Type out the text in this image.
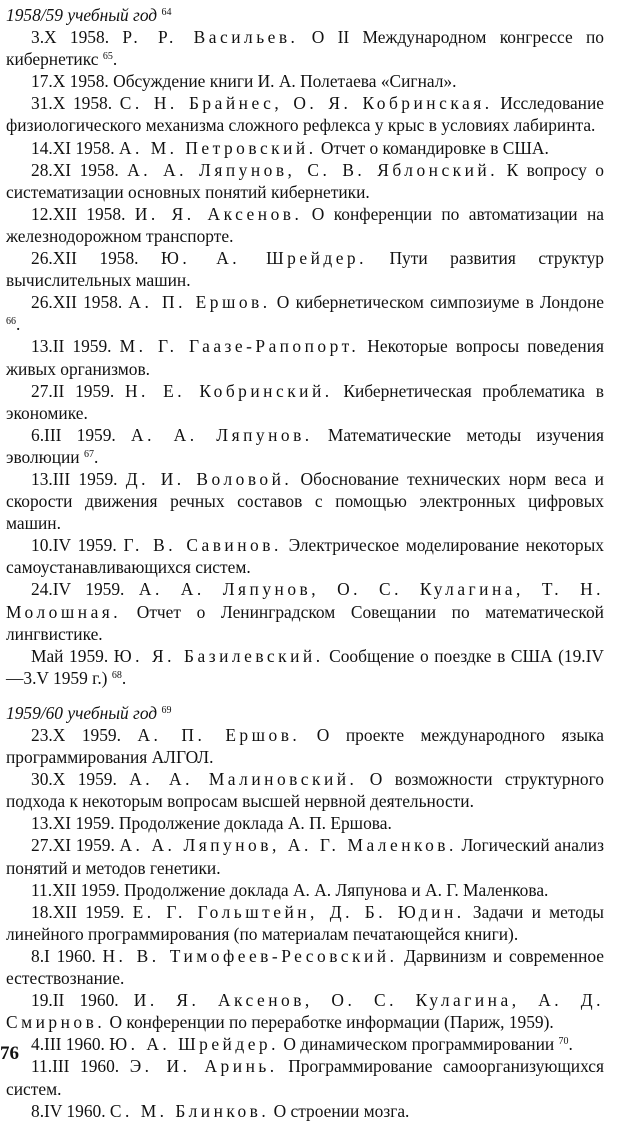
1958/59 учебный год $^{64}$
3.X 1958. Р. Р. Васильев. О II Международном конгрессе по кибернетикс $^{65}$.
17.X 1958. Обсуждение книги И. А. Полетаева «Сигнал».
31.X 1958. С. Н. Брайнес, О. Я. Кобринская. Исследование физиологического механизма сложного рефлекса у крыс в условиях лабиринта.
14.XI 1958. А. М. Петровский. Отчет о командировке в США.
28.XI 1958. А. А. Ляпунов, С. В. Яблонский. К вопросу о систематизации основных понятий кибернетики.
12.XII 1958. И. Я. Аксенов. О конференции по автоматизации на железнодорожном транспорте.
26.XII 1958. Ю. А. Шрейдер. Пути развития структур вычислительных машин.
26.XII 1958. А. П. Ершов. О кибернетическом симпозиуме в Лондоне $^{66}$.
13.II 1959. М. Г. Гаазе-Рапопорт. Некоторые вопросы поведения живых организмов.
27.II 1959. Н. Е. Кобринский. Кибернетическая проблематика в экономике.
6.III 1959. А. А. Ляпунов. Математические методы изучения эволюции $^{67}$.
13.III 1959. Д. И. Воловой. Обоснование технических норм веса и скорости движения речных составов с помощью электронных цифровых машин.
10.IV 1959. Г. В. Савинов. Электрическое моделирование некоторых самоустанавливающихся систем.
24.IV 1959. А. А. Ляпунов, О. С. Кулагина, Т. Н. Молошная. Отчет о Ленинградском Совещании по математической лингвистике.
Май 1959. Ю. Я. Базилевский. Сообщение о поездке в США (19.IV—3.V 1959 г.) $^{68}$.
1959/60 учебный год $^{69}$
23.X 1959. А. П. Ершов. О проекте международного языка программирования АЛГОЛ.
30.X 1959. А. А. Малиновский. О возможности структурного подхода к некоторым вопросам высшей нервной деятельности.
13.XI 1959. Продолжение доклада А. П. Ершова.
27.XI 1959. А. А. Ляпунов, А. Г. Маленков. Логический анализ понятий и методов генетики.
11.XII 1959. Продолжение доклада А. А. Ляпунова и А. Г. Маленкова.
18.XII 1959. Е. Г. Гольштейн, Д. Б. Юдин. Задачи и методы линейного программирования (по материалам печатающейся книги).
8.I 1960. Н. В. Тимофеев-Ресовский. Дарвинизм и современное естествознание.
19.II 1960. И. Я. Аксенов, О. С. Кулагина, А. Д. Смирнов. О конференции по переработке информации (Париж, 1959).
4.III 1960. Ю. А. Шрейдер. О динамическом программировании $^{70}$.
11.III 1960. Э. И. Аринь. Программирование самоорганизующихся систем.
8.IV 1960. С. М. Блинков. О строении мозга.
76
